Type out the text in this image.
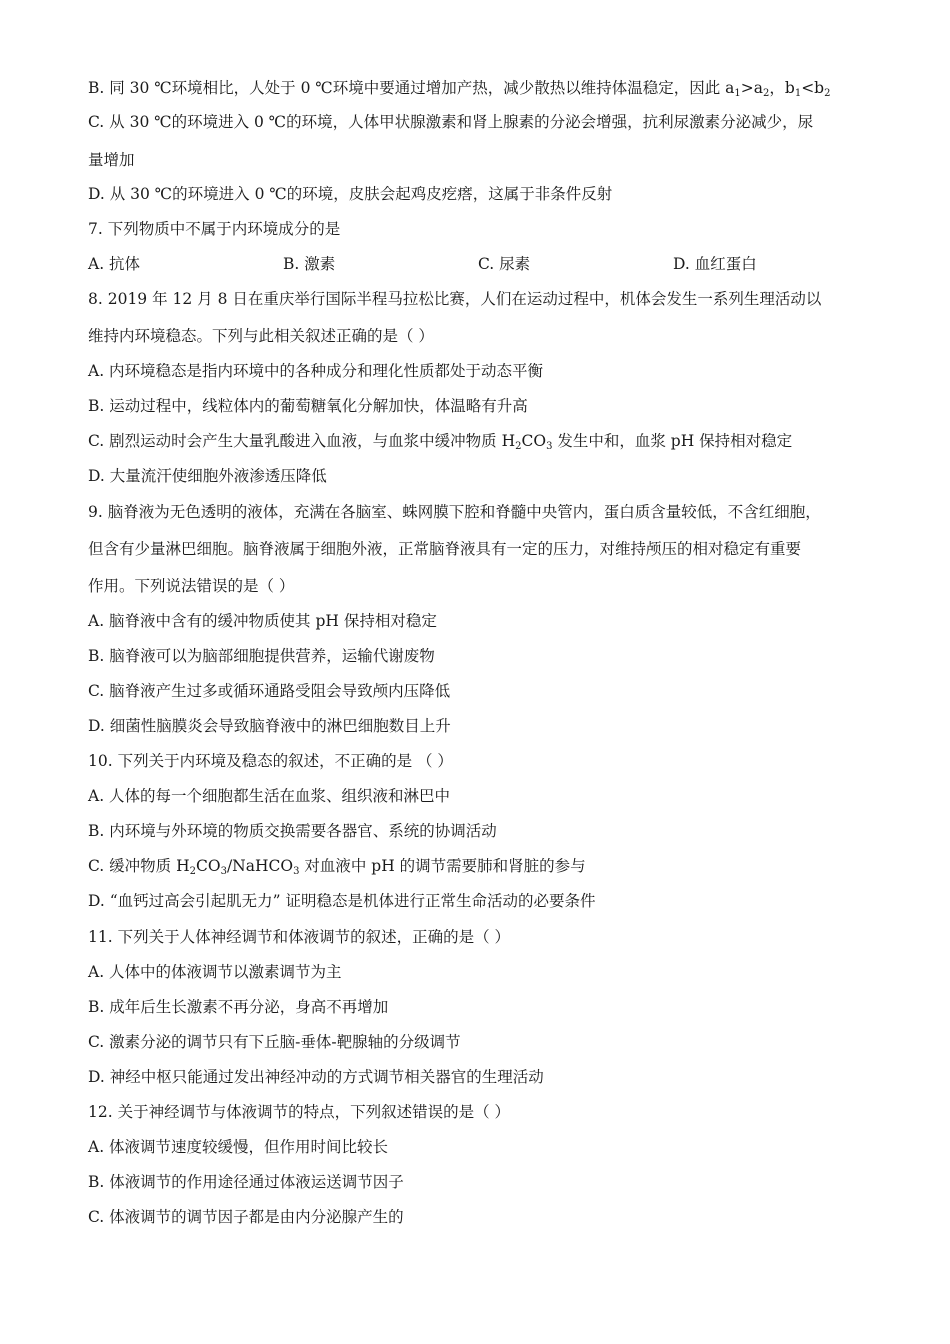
B. 同 30 ℃环境相比，人处于 0 ℃环境中要通过增加产热，减少散热以维持体温稳定，因此 $a_1>a_2$，$b_1<b_2$
C. 从 30 ℃的环境进入 0 ℃的环境，人体甲状腺激素和肾上腺素的分泌会增强，抗利尿激素分泌减少，尿
量增加
D. 从 30 ℃的环境进入 0 ℃的环境，皮肤会起鸡皮疙瘩，这属于非条件反射
7. 下列物质中不属于内环境成分的是
A. 抗体	B. 激素	C. 尿素	D. 血红蛋白
8. 2019 年 12 月 8 日在重庆举行国际半程马拉松比赛，人们在运动过程中，机体会发生一系列生理活动以
维持内环境稳态。下列与此相关叙述正确的是（ ）
A. 内环境稳态是指内环境中的各种成分和理化性质都处于动态平衡
B. 运动过程中，线粒体内的葡萄糖氧化分解加快，体温略有升高
C. 剧烈运动时会产生大量乳酸进入血液，与血浆中缓冲物质 $H_2CO_3$ 发生中和，血浆 pH 保持相对稳定
D. 大量流汗使细胞外液渗透压降低
9. 脑脊液为无色透明的液体，充满在各脑室、蛛网膜下腔和脊髓中央管内，蛋白质含量较低，不含红细胞，
但含有少量淋巴细胞。脑脊液属于细胞外液，正常脑脊液具有一定的压力，对维持颅压的相对稳定有重要
作用。下列说法错误的是（ ）
A. 脑脊液中含有的缓冲物质使其 pH 保持相对稳定
B. 脑脊液可以为脑部细胞提供营养，运输代谢废物
C. 脑脊液产生过多或循环通路受阻会导致颅内压降低
D. 细菌性脑膜炎会导致脑脊液中的淋巴细胞数目上升
10. 下列关于内环境及稳态的叙述，不正确的是 （ ）
A. 人体的每一个细胞都生活在血浆、组织液和淋巴中
B. 内环境与外环境的物质交换需要各器官、系统的协调活动
C. 缓冲物质 $H_2CO_3/NaHCO_3$ 对血液中 pH 的调节需要肺和肾脏的参与
D. “血钙过高会引起肌无力” 证明稳态是机体进行正常生命活动的必要条件
11. 下列关于人体神经调节和体液调节的叙述，正确的是（ ）
A. 人体中的体液调节以激素调节为主
B. 成年后生长激素不再分泌，身高不再增加
C. 激素分泌的调节只有下丘脑-垂体-靶腺轴的分级调节
D. 神经中枢只能通过发出神经冲动的方式调节相关器官的生理活动
12. 关于神经调节与体液调节的特点，下列叙述错误的是（ ）
A. 体液调节速度较缓慢，但作用时间比较长
B. 体液调节的作用途径通过体液运送调节因子
C. 体液调节的调节因子都是由内分泌腺产生的
